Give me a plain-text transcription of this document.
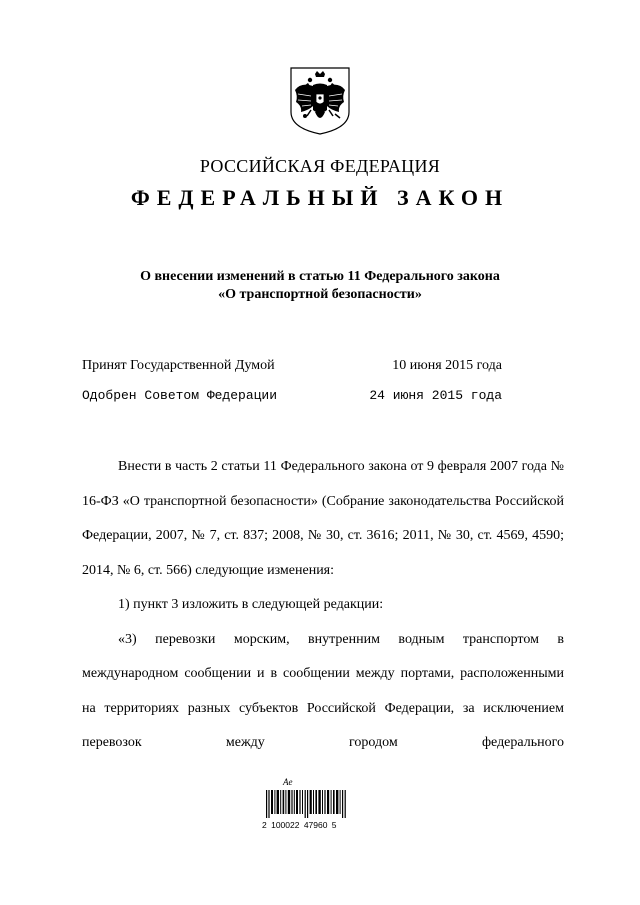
РОССИЙСКАЯ ФЕДЕРАЦИЯ
ФЕДЕРАЛЬНЫЙ ЗАКОН
О внесении изменений в статью 11 Федерального закона
«О транспортной безопасности»
Принят Государственной Думой	10 июня 2015 года
Одобрен Советом Федерации	24 июня 2015 года

Внести в часть 2 статьи 11 Федерального закона от 9 февраля 2007 года № 16-ФЗ «О транспортной безопасности» (Собрание законодательства Российской Федерации, 2007, № 7, ст. 837; 2008, № 30, ст. 3616; 2011, № 30, ст. 4569, 4590; 2014, № 6, ст. 566) следующие изменения:

1) пункт 3 изложить в следующей редакции:

«3) перевозки морским, внутренним водным транспортом в международном сообщении и в сообщении между портами, расположенными на территориях разных субъектов Российской Федерации, за исключением перевозок между городом федерального

Ae
2 100022 47960 5
